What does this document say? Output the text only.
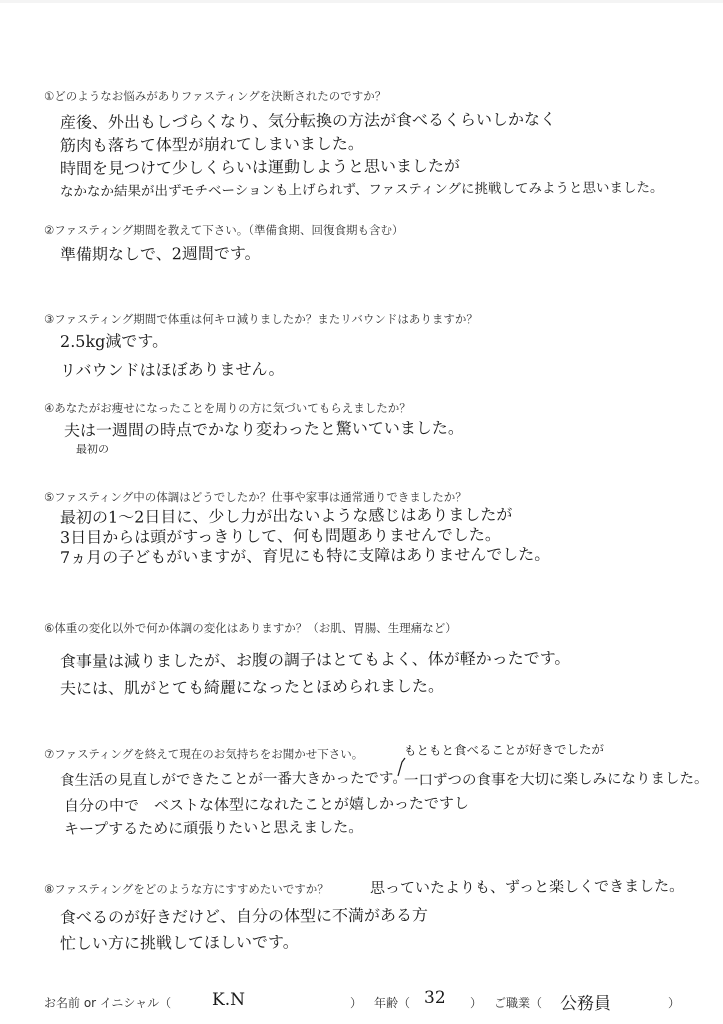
①どのようなお悩みがありファスティングを決断されたのですか？
産後、外出もしづらくなり、気分転換の方法が食べるくらいしかなく
筋肉も落ちて体型が崩れてしまいました。
時間を見つけて少しくらいは運動しようと思いましたが
なかなか結果が出ずモチベーションも上げられず、ファスティングに挑戦してみようと思いました。
②ファスティング期間を教えて下さい。（準備食期、回復食期も含む）
準備期なしで、2週間です。
③ファスティング期間で体重は何キロ減りましたか？またリバウンドはありますか？
2.5kg減です。
リバウンドはほぼありません。
④あなたがお痩せになったことを周りの方に気づいてもらえましたか？
夫は一週間の時点でかなり変わったと驚いていました。
最初の
⑤ファスティング中の体調はどうでしたか？仕事や家事は通常通りできましたか？
最初の1～2日目に、少し力が出ないような感じはありましたが
3日目からは頭がすっきりして、何も問題ありませんでした。
7ヵ月の子どもがいますが、育児にも特に支障はありませんでした。
⑥体重の変化以外で何か体調の変化はありますか？（お肌、胃腸、生理痛など）
食事量は減りましたが、お腹の調子はとてもよく、体が軽かったです。
夫には、肌がとても綺麗になったとほめられました。
⑦ファスティングを終えて現在のお気持ちをお聞かせ下さい。	もともと食べることが好きでしたが
食生活の見直しができたことが一番大きかったです。
一口ずつの食事を大切に楽しみになりました。
自分の中で　ベストな体型になれたことが嬉しかったですし
キープするために頑張りたいと思えました。
⑧ファスティングをどのような方にすすめたいですか？	思っていたよりも、ずっと楽しくできました。
食べるのが好きだけど、自分の体型に不満がある方
忙しい方に挑戦してほしいです。
お名前 or イニシャル（ K.N	） 年齢（ 32 ） ご職業（ 公務員	）
